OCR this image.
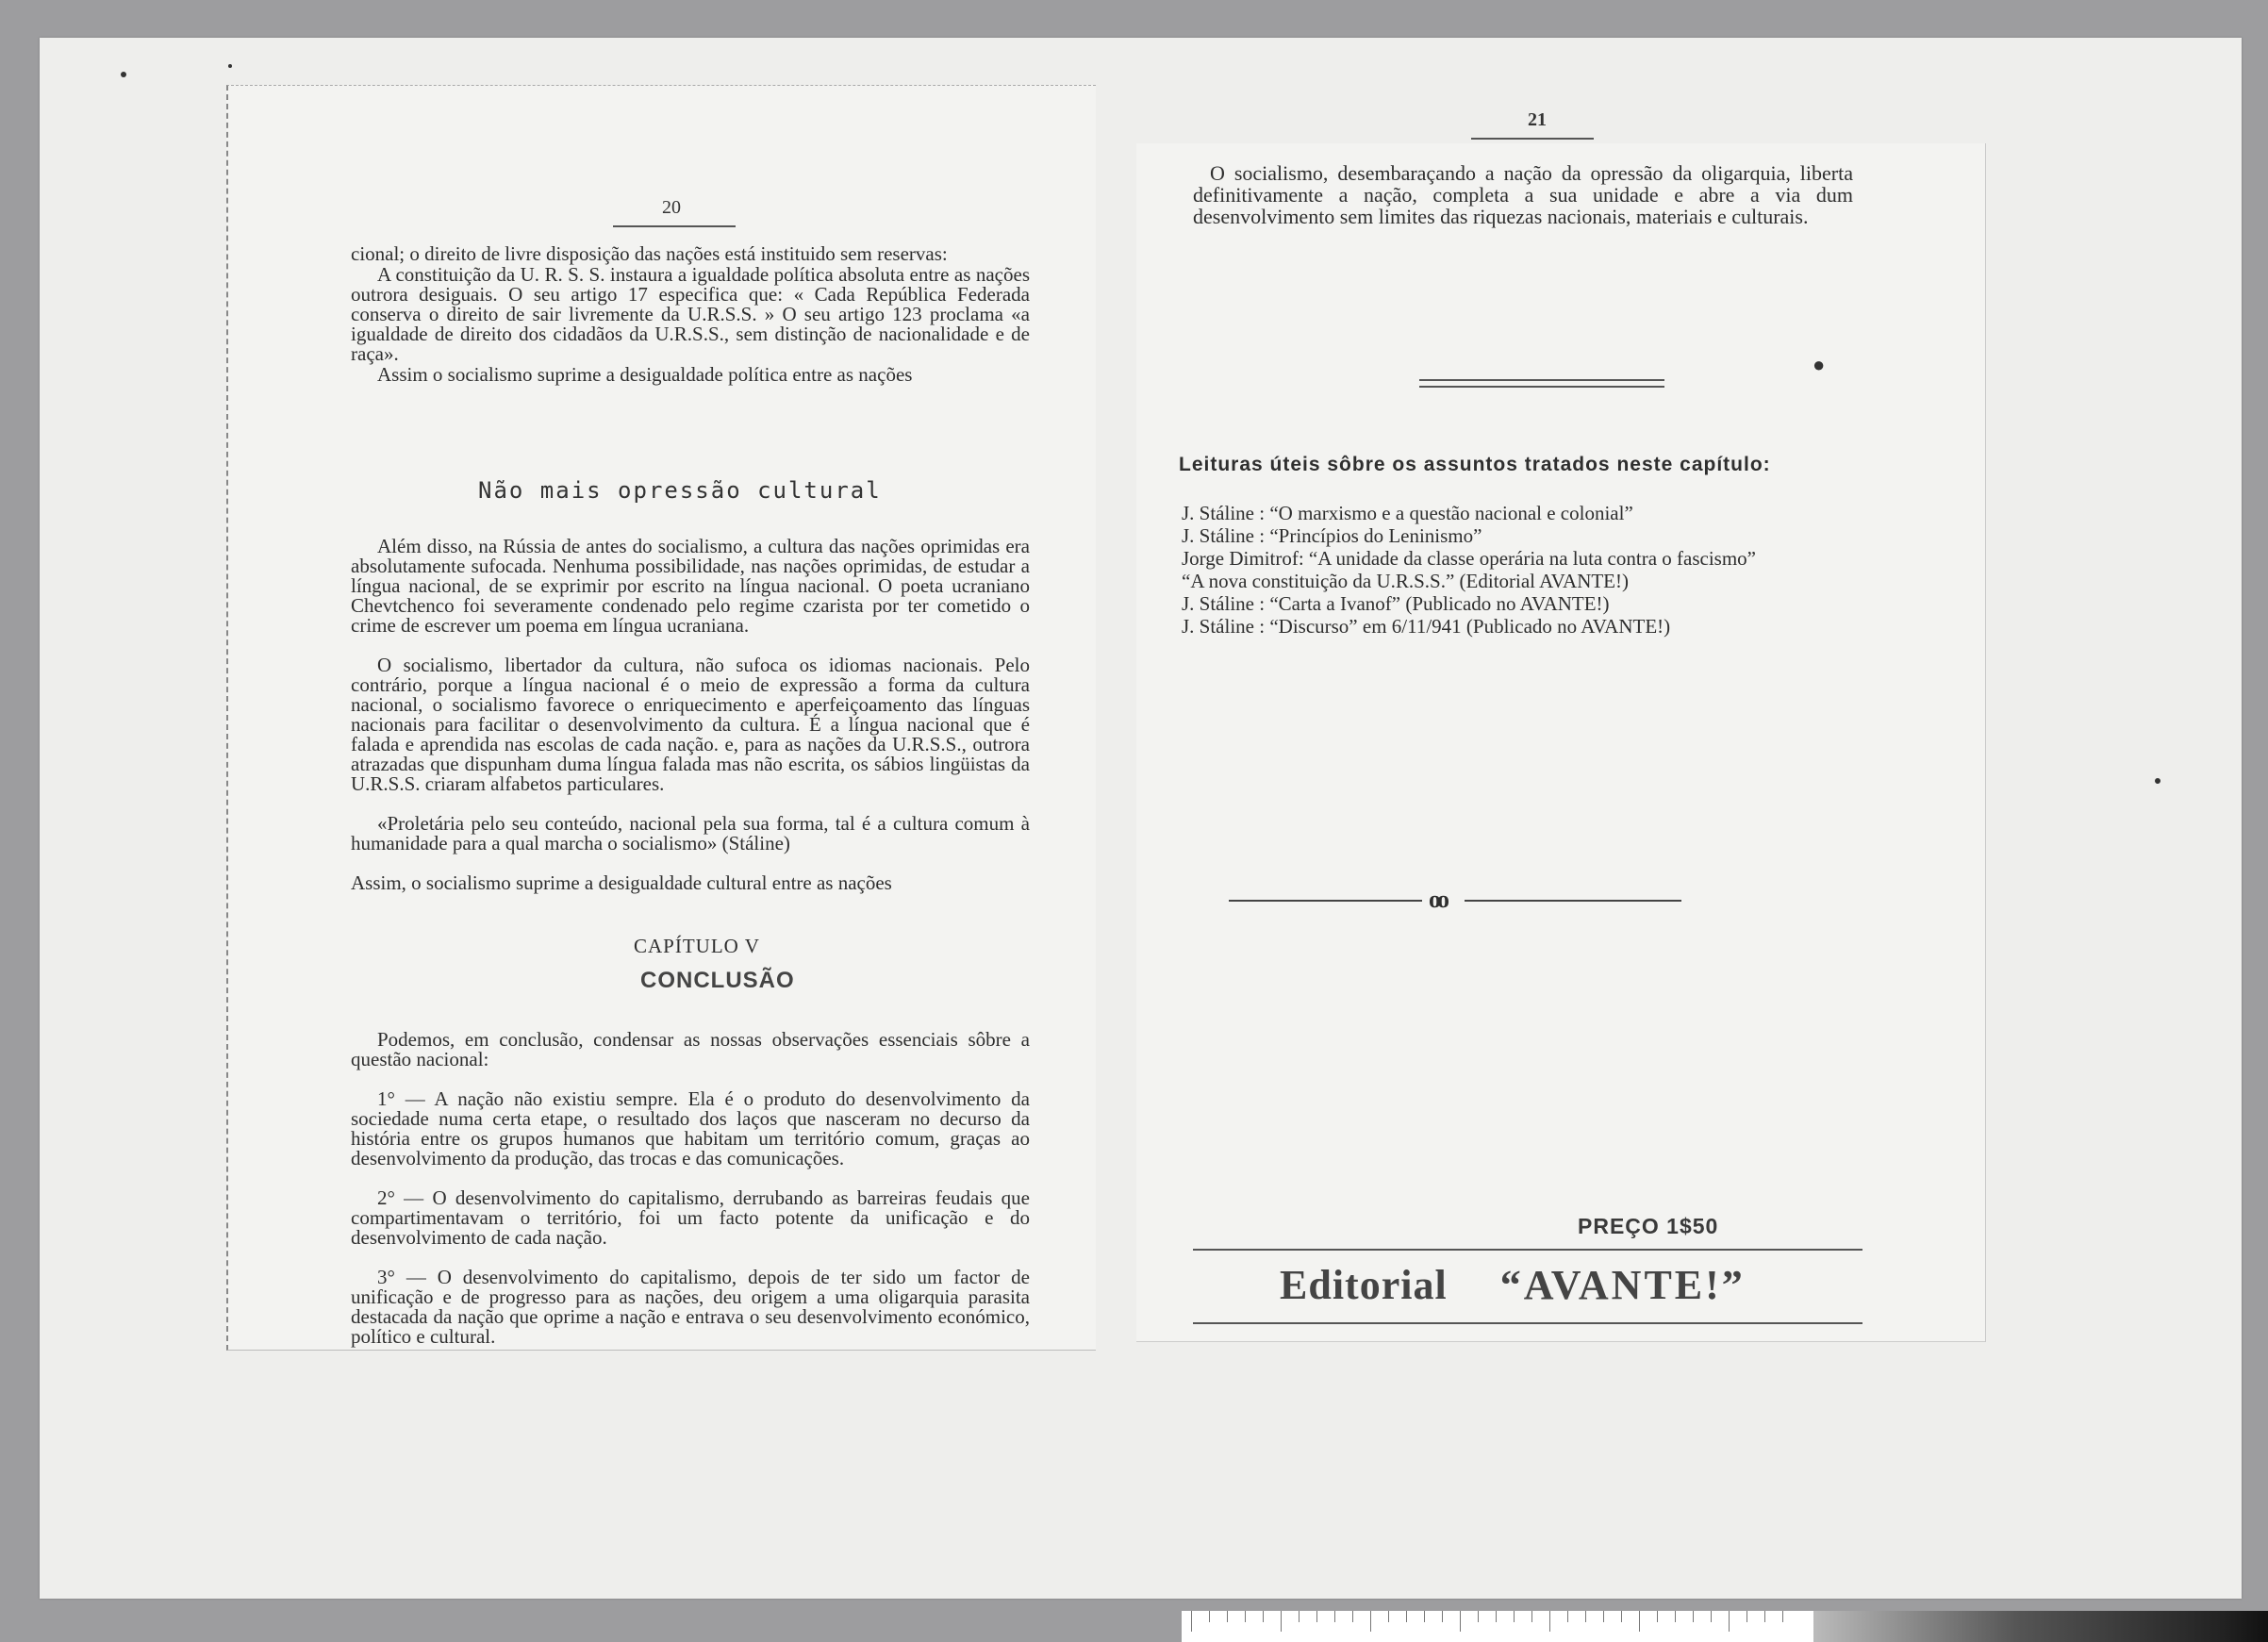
20

cional; o direito de livre disposição das nações está instituido sem reservas:

A constituição da U. R. S. S. instaura a igualdade política absoluta entre as nações outrora desiguais. O seu artigo 17 especifica que: « Cada República Federada conserva o direito de sair livremente da U.R.S.S. » O seu artigo 123 proclama «a igualdade de direito dos cidadãos da U.R.S.S., sem distinção de nacionalidade e de raça».

Assim o socialismo suprime a desigualdade política entre as nações

Não mais opressão cultural

Além disso, na Rússia de antes do socialismo, a cultura das nações oprimidas era absolutamente sufocada. Nenhuma possibilidade, nas nações oprimidas, de estudar a língua nacional, de se exprimir por escrito na língua nacional. O poeta ucraniano Chevtchenco foi severamente condenado pelo regime czarista por ter cometido o crime de escrever um poema em língua ucraniana.

O socialismo, libertador da cultura, não sufoca os idiomas nacionais. Pelo contrário, porque a língua nacional é o meio de expressão a forma da cultura nacional, o socialismo favorece o enriquecimento e aperfeiçoamento das línguas nacionais para facilitar o desenvolvimento da cultura. É a língua nacional que é falada e aprendida nas escolas de cada nação. e, para as nações da U.R.S.S., outrora atrazadas que dispunham duma língua falada mas não escrita, os sábios lingüistas da U.R.S.S. criaram alfabetos particulares.

«Proletária pelo seu conteúdo, nacional pela sua forma, tal é a cultura comum à humanidade para a qual marcha o socialismo» (Stáline)

Assim, o socialismo suprime a desigualdade cultural entre as nações

CAPÍTULO V
CONCLUSÃO

Podemos, em conclusão, condensar as nossas observações essenciais sôbre a questão nacional:

1° — A nação não existiu sempre. Ela é o produto do desenvolvimento da sociedade numa certa etape, o resultado dos laços que nasceram no decurso da história entre os grupos humanos que habitam um território comum, graças ao desenvolvimento da produção, das trocas e das comunicações.

2° — O desenvolvimento do capitalismo, derrubando as barreiras feudais que compartimentavam o território, foi um facto potente da unificação e do desenvolvimento de cada nação.

3° — O desenvolvimento do capitalismo, depois de ter sido um factor de unificação e de progresso para as nações, deu origem a uma oligarquia parasita destacada da nação que oprime a nação e entrava o seu desenvolvimento económico, político e cultural.

21
O socialismo, desembaraçando a nação da opressão da oligarquia, liberta definitivamente a nação, completa a sua unidade e abre a via dum desenvolvimento sem limites das riquezas nacionais, materiais e culturais.
●
Leituras úteis sôbre os assuntos tratados neste capítulo:
J. Stáline : “O marxismo e a questão nacional e colonial”
J. Stáline : “Princípios do Leninismo”
Jorge Dimitrof: “A unidade da classe operária na luta contra o fascismo”
“A nova constituição da U.R.S.S.” (Editorial AVANTE!)
J. Stáline : “Carta a Ivanof” (Publicado no AVANTE!)
J. Stáline : “Discurso” em 6/11/941 (Publicado no AVANTE!)
oo
PREÇO 1$50
Editorial “AVANTE!”
